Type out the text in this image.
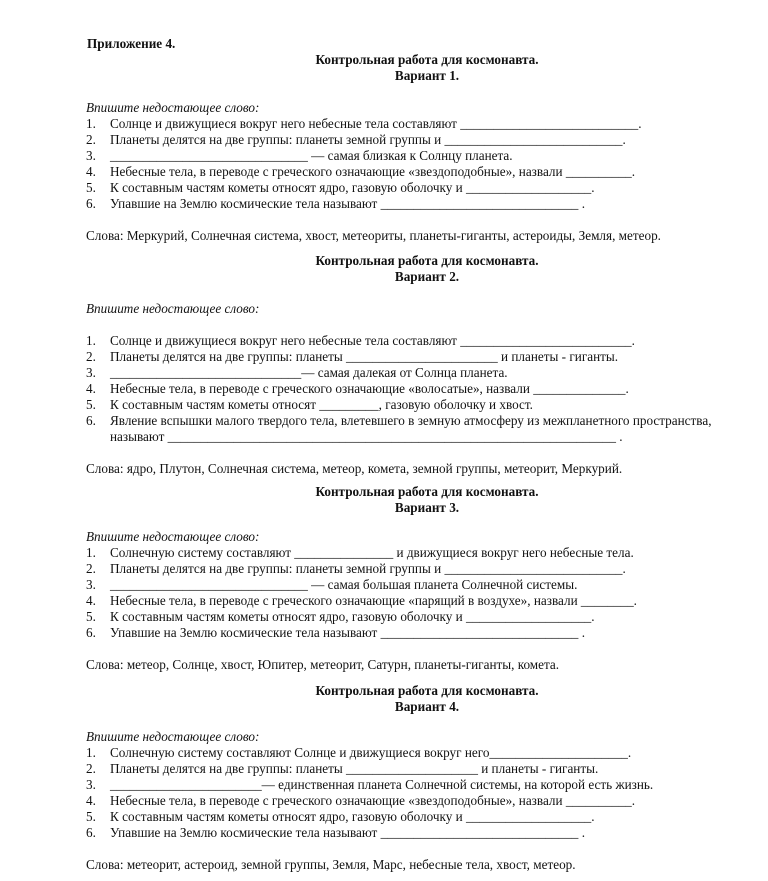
Приложение 4.
Контрольная работа для космонавта.
Вариант 1.
Впишите недостающее слово:
1.	Солнце и движущиеся вокруг него небесные тела составляют ___________________________.
2.	Планеты делятся на две группы: планеты земной группы и ___________________________.
3.	______________________________ — самая близкая к Солнцу планета.
4.	Небесные тела, в переводе с греческого означающие «звездоподобные», назвали __________.
5.	К составным частям кометы относят ядро, газовую оболочку и ___________________.
6.	Упавшие на Землю космические тела называют ______________________________ .
Слова: Меркурий, Солнечная система, хвост, метеориты, планеты-гиганты, астероиды, Земля, метеор.
Контрольная работа для космонавта.
Вариант 2.
Впишите недостающее слово:
1.	Солнце и движущиеся вокруг него небесные тела составляют __________________________.
2.	Планеты делятся на две группы: планеты _______________________ и планеты - гиганты.
3.	_____________________________— самая далекая от Солнца планета.
4.	Небесные тела, в переводе с греческого означающие «волосатые», назвали ______________.
5.	К составным частям кометы относят _________, газовую оболочку и хвост.
6.	Явление вспышки малого твердого тела, влетевшего в земную атмосферу из межпланетного пространства, называют ____________________________________________________________________ .
Слова: ядро, Плутон, Солнечная система, метеор, комета, земной группы, метеорит, Меркурий.
Контрольная работа для космонавта.
Вариант 3.
Впишите недостающее слово:
1.	Солнечную систему составляют _______________ и движущиеся вокруг него небесные тела.
2.	Планеты делятся на две группы: планеты земной группы и ___________________________.
3.	______________________________ — самая большая планета Солнечной системы.
4.	Небесные тела, в переводе с греческого означающие «парящий в воздухе», назвали ________.
5.	К составным частям кометы относят ядро, газовую оболочку и ___________________.
6.	Упавшие на Землю космические тела называют ______________________________ .
Слова: метеор, Солнце, хвост, Юпитер, метеорит, Сатурн, планеты-гиганты, комета.
Контрольная работа для космонавта.
Вариант 4.
Впишите недостающее слово:
1.	Солнечную систему составляют Солнце и движущиеся вокруг него_____________________.
2.	Планеты делятся на две группы: планеты ____________________ и планеты - гиганты.
3.	_______________________— единственная планета Солнечной системы, на которой есть жизнь.
4.	Небесные тела, в переводе с греческого означающие «звездоподобные», назвали __________.
5.	К составным частям кометы относят ядро, газовую оболочку и ___________________.
6.	Упавшие на Землю космические тела называют ______________________________ .
Слова: метеорит, астероид, земной группы, Земля, Марс, небесные тела, хвост, метеор.
